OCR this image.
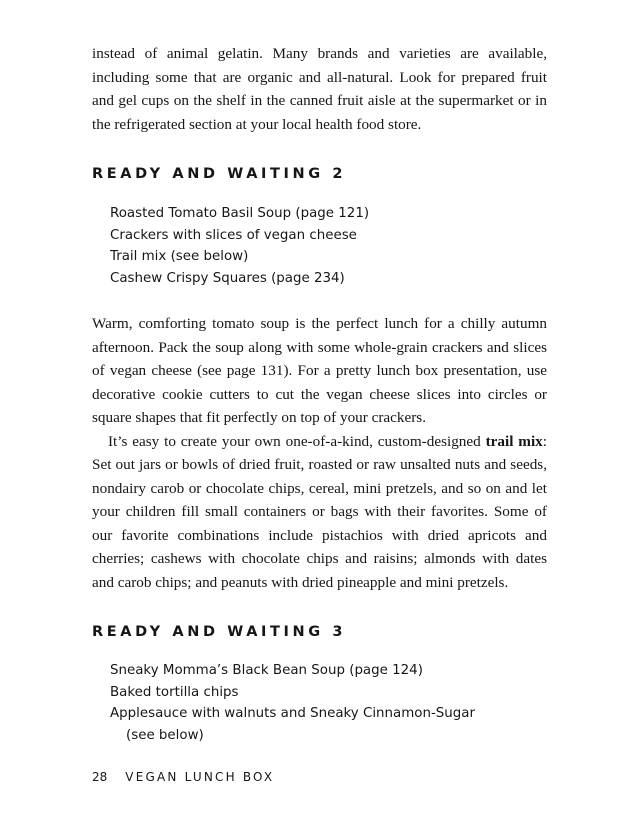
instead of animal gelatin. Many brands and varieties are available, including some that are organic and all-natural. Look for prepared fruit and gel cups on the shelf in the canned fruit aisle at the supermarket or in the refrigerated section at your local health food store.

READY AND WAITING 2
Roasted Tomato Basil Soup (page 121)
Crackers with slices of vegan cheese
Trail mix (see below)
Cashew Crispy Squares (page 234)

Warm, comforting tomato soup is the perfect lunch for a chilly autumn afternoon. Pack the soup along with some whole-grain crackers and slices of vegan cheese (see page 131). For a pretty lunch box presentation, use decorative cookie cutters to cut the vegan cheese slices into circles or square shapes that fit perfectly on top of your crackers.

It’s easy to create your own one-of-a-kind, custom-designed trail mix: Set out jars or bowls of dried fruit, roasted or raw unsalted nuts and seeds, nondairy carob or chocolate chips, cereal, mini pretzels, and so on and let your children fill small containers or bags with their favorites. Some of our favorite combinations include pistachios with dried apricots and cherries; cashews with chocolate chips and raisins; almonds with dates and carob chips; and peanuts with dried pineapple and mini pretzels.

READY AND WAITING 3
Sneaky Momma’s Black Bean Soup (page 124)
Baked tortilla chips
Applesauce with walnuts and Sneaky Cinnamon-Sugar
(see below)
28 VEGAN LUNCH BOX
